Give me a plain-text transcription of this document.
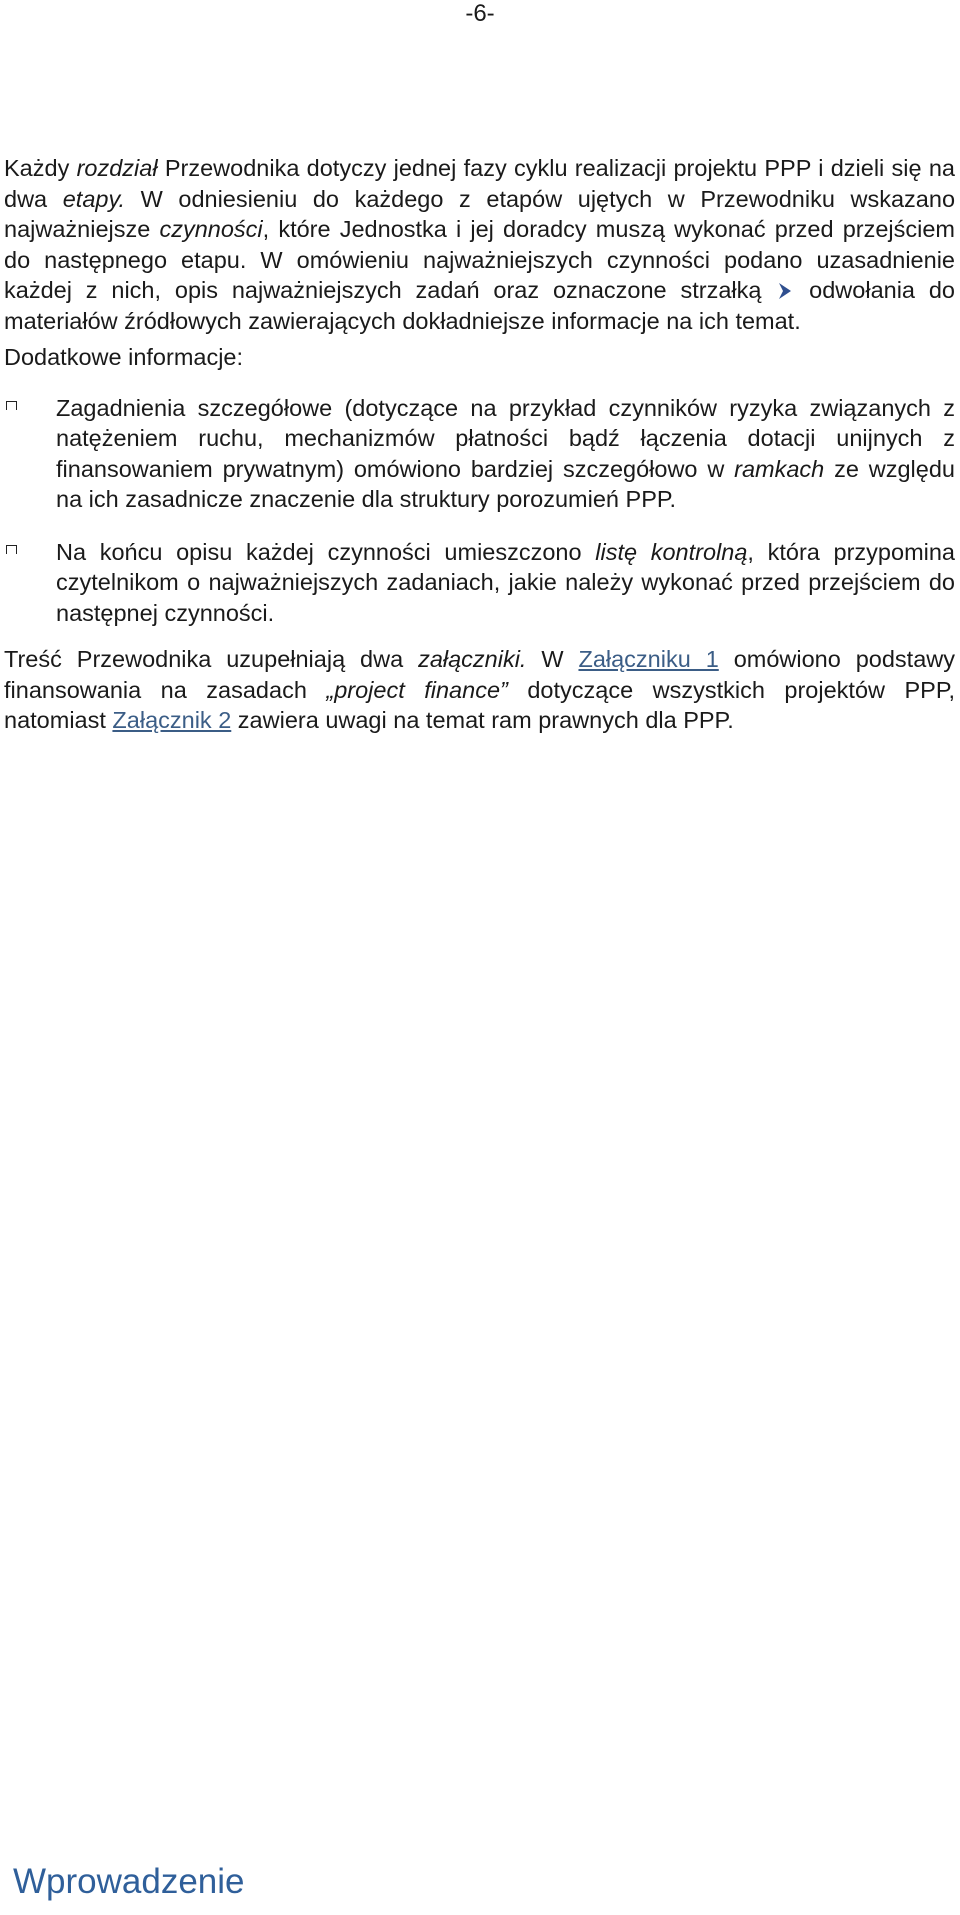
-6-

Każdy rozdział Przewodnika dotyczy jednej fazy cyklu realizacji projektu PPP i dzieli się na dwa etapy. W odniesieniu do każdego z etapów ujętych w Przewodniku wskazano najważniejsze czynności, które Jednostka i jej doradcy muszą wykonać przed przejściem do następnego etapu. W omówieniu najważniejszych czynności podano uzasadnienie każdej z nich, opis najważniejszych zadań oraz oznaczone strzałką odwołania do materiałów źródłowych zawierających dokładniejsze informacje na ich temat.

Dodatkowe informacje:

Zagadnienia szczegółowe (dotyczące na przykład czynników ryzyka związanych z natężeniem ruchu, mechanizmów płatności bądź łączenia dotacji unijnych z finansowaniem prywatnym) omówiono bardziej szczegółowo w ramkach ze względu na ich zasadnicze znaczenie dla struktury porozumień PPP.
Na końcu opisu każdej czynności umieszczono listę kontrolną, która przypomina czytelnikom o najważniejszych zadaniach, jakie należy wykonać przed przejściem do następnej czynności.

Treść Przewodnika uzupełniają dwa załączniki. W Załączniku 1 omówiono podstawy finansowania na zasadach „project finance” dotyczące wszystkich projektów PPP, natomiast Załącznik 2 zawiera uwagi na temat ram prawnych dla PPP.

Wprowadzenie
